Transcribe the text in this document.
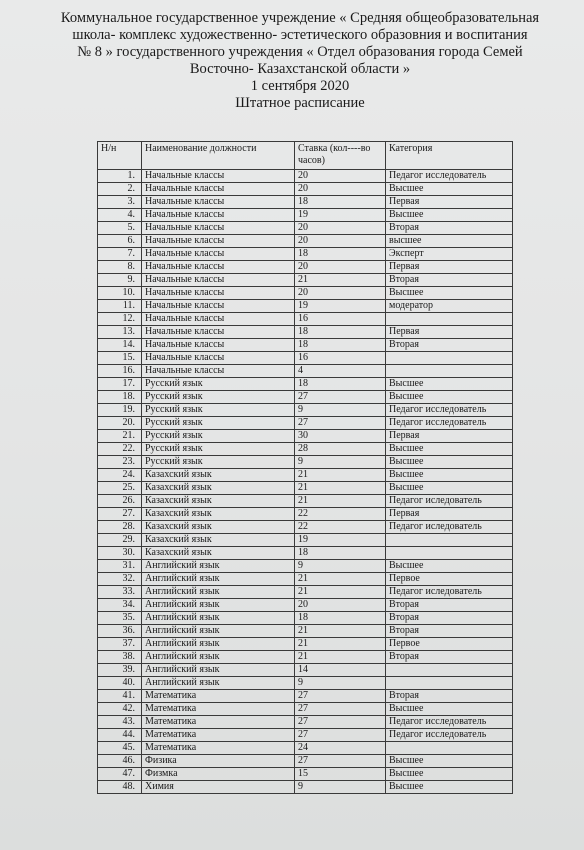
Коммунальное государственное учреждение « Средняя общеобразовательная
школа- комплекс художественно- эстетического образовния и воспитания
№ 8 » государственного учреждения « Отдел образования города Семей
Восточно- Казахстанской области »
1 сентября 2020
Штатное расписание
Н/н	Наименование должности	Ставка (кол----во часов)	Категория
1.	Начальные классы	20	Педагог исследователь
2.	Начальные классы	20	Высшее
3.	Начальные классы	18	Первая
4.	Начальные классы	19	Высшее
5.	Начальные классы	20	Вторая
6.	Начальные классы	20	высшее
7.	Начальные классы	18	Эксперт
8.	Начальные классы	20	Первая
9.	Начальные классы	21	Вторая
10.	Начальные классы	20	Высшее
11.	Начальные классы	19	модератор
12.	Начальные классы	16	
13.	Начальные классы	18	Первая
14.	Начальные классы	18	Вторая
15.	Начальные классы	16	
16.	Начальные классы	4	
17.	Русский язык	18	Высшее
18.	Русский язык	27	Высшее
19.	Русский язык	9	Педагог исследователь
20.	Русский язык	27	Педагог исследователь
21.	Русский язык	30	Первая
22.	Русский язык	28	Высшее
23.	Русский язык	9	Высшее
24.	Казахский язык	21	Высшее
25.	Казахский язык	21	Высшее
26.	Казахский язык	21	Педагог иследователь
27.	Казахский язык	22	Первая
28.	Казахский язык	22	Педагог иследователь
29.	Казахский язык	19	
30.	Казахский язык	18	
31.	Английский язык	9	Высшее
32.	Английский язык	21	Первое
33.	Английский язык	21	Педагог иследователь
34.	Английский язык	20	Вторая
35.	Английский язык	18	Вторая
36.	Английский язык	21	Вторая
37.	Английский язык	21	Первое
38.	Английский язык	21	Вторая
39.	Английский язык	14	
40.	Английский язык	9	
41.	Математика	27	Вторая
42.	Математика	27	Высшее
43.	Математика	27	Педагог исследователь
44.	Математика	27	Педагог исследователь
45.	Математика	24	
46.	Физика	27	Высшее
47.	Физмка	15	Высшее
48.	Химия	9	Высшее
